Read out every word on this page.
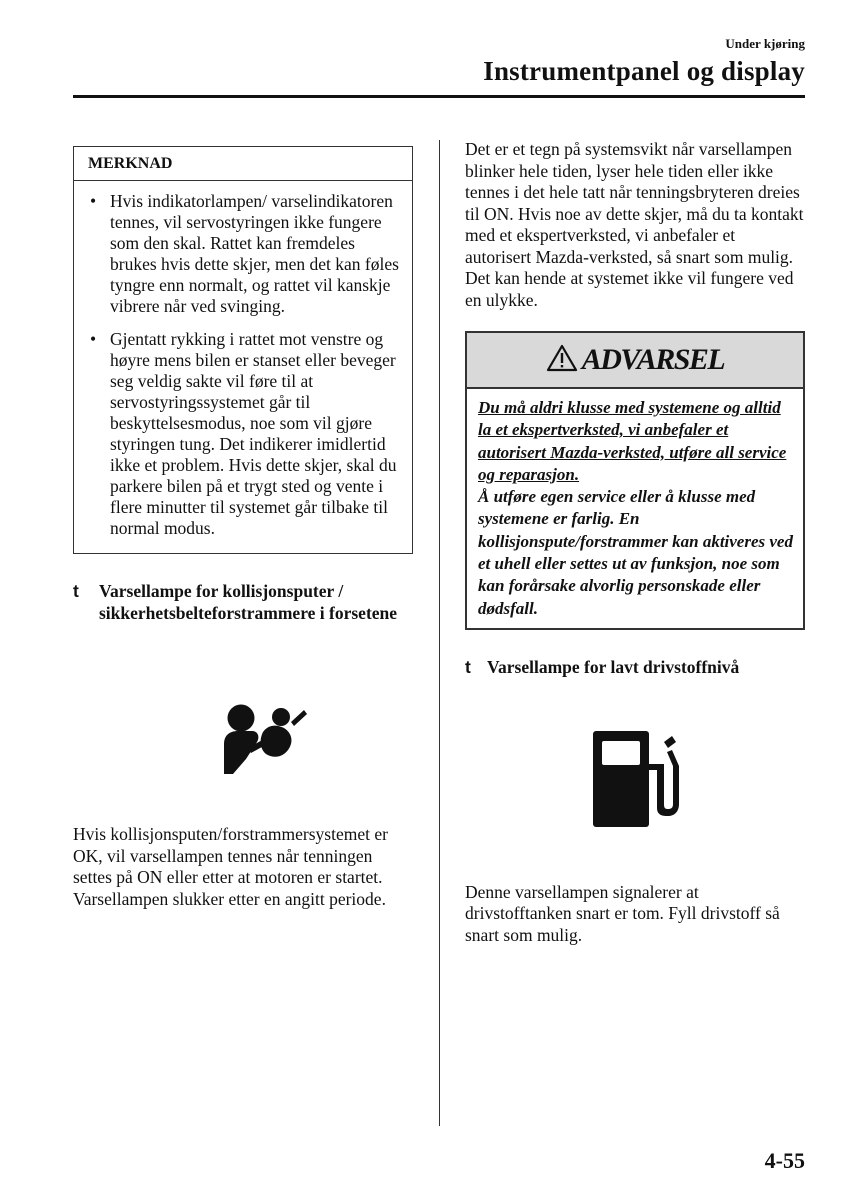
Under kjøring
Instrumentpanel og display
MERKNAD
• Hvis indikatorlampen/ varselindikatoren tennes, vil servostyringen ikke fungere som den skal. Rattet kan fremdeles brukes hvis dette skjer, men det kan føles tyngre enn normalt, og rattet vil kanskje vibrere når ved svinging.
• Gjentatt rykking i rattet mot venstre og høyre mens bilen er stanset eller beveger seg veldig sakte vil føre til at servostyringssystemet går til beskyttelsesmodus, noe som vil gjøre styringen tung. Det indikerer imidlertid ikke et problem. Hvis dette skjer, skal du parkere bilen på et trygt sted og vente i flere minutter til systemet går tilbake til normal modus.
t Varsellampe for kollisjonsputer / sikkerhetsbelteforstrammere i forsetene

Hvis kollisjonsputen/forstrammersystemet er OK, vil varsellampen tennes når tenningen settes på ON eller etter at motoren er startet. Varsellampen slukker etter en angitt periode.

Det er et tegn på systemsvikt når varsellampen blinker hele tiden, lyser hele tiden eller ikke tennes i det hele tatt når tenningsbryteren dreies til ON. Hvis noe av dette skjer, må du ta kontakt med et ekspertverksted, vi anbefaler et autorisert Mazda-verksted, så snart som mulig. Det kan hende at systemet ikke vil fungere ved en ulykke.

ADVARSEL

Du må aldri klusse med systemene og alltid la et ekspertverksted, vi anbefaler et autorisert Mazda-verksted, utføre all service og reparasjon.

Å utføre egen service eller å klusse med systemene er farlig. En kollisjonspute/forstrammer kan aktiveres ved et uhell eller settes ut av funksjon, noe som kan forårsake alvorlig personskade eller dødsfall.

t Varsellampe for lavt drivstoffnivå

Denne varsellampen signalerer at drivstofftanken snart er tom. Fyll drivstoff så snart som mulig.

4-55
